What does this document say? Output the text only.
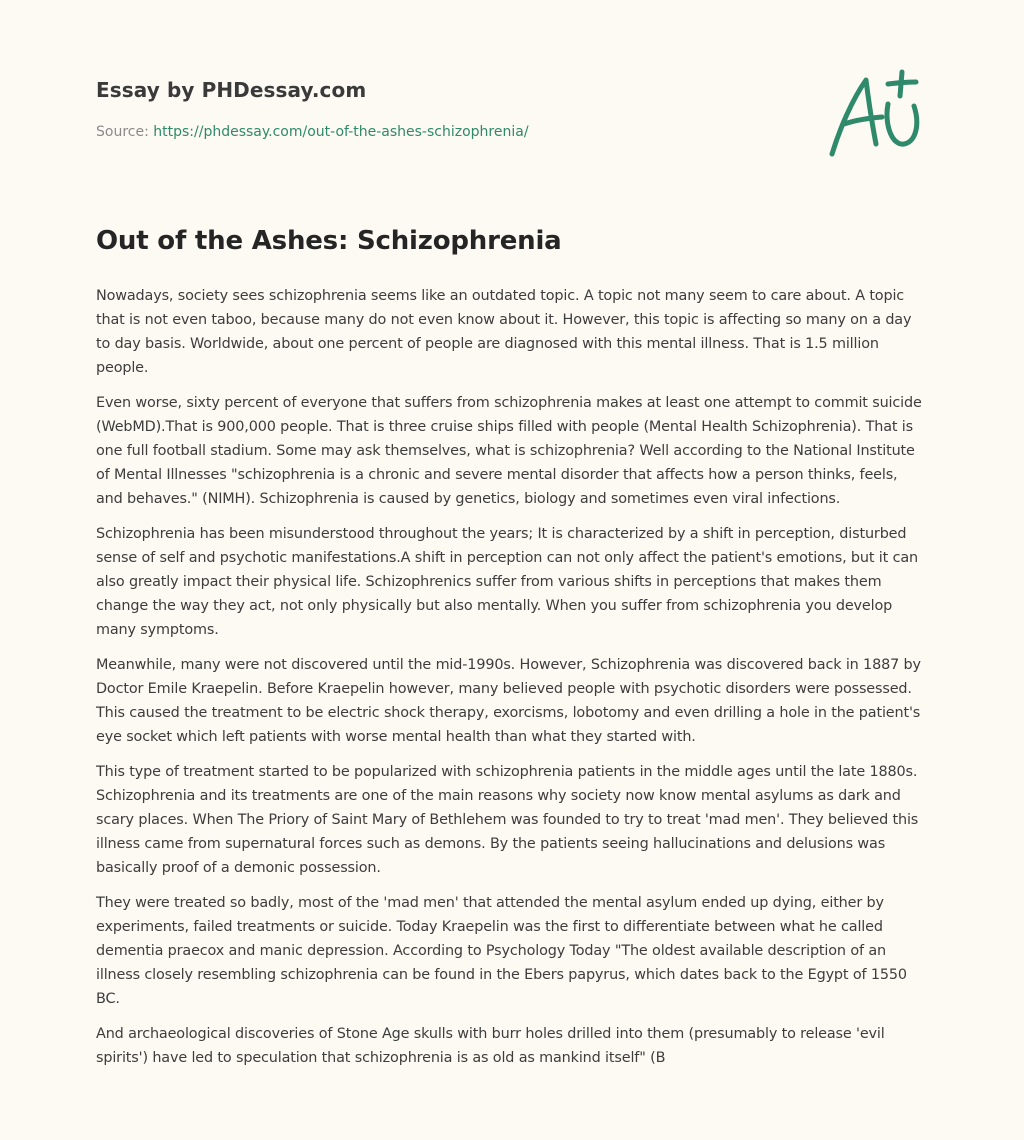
Essay by PHDessay.com
Source: https://phdessay.com/out-of-the-ashes-schizophrenia/
Out of the Ashes: Schizophrenia

Nowadays, society sees schizophrenia seems like an outdated topic. A topic not many seem to care about. A topic that is not even taboo, because many do not even know about it. However, this topic is affecting so many on a day to day basis. Worldwide, about one percent of people are diagnosed with this mental illness. That is 1.5 million people.

Even worse, sixty percent of everyone that suffers from schizophrenia makes at least one attempt to commit suicide (WebMD).That is 900,000 people. That is three cruise ships filled with people (Mental Health Schizophrenia). That is one full football stadium. Some may ask themselves, what is schizophrenia? Well according to the National Institute of Mental Illnesses "schizophrenia is a chronic and severe mental disorder that affects how a person thinks, feels, and behaves." (NIMH). Schizophrenia is caused by genetics, biology and sometimes even viral infections.

Schizophrenia has been misunderstood throughout the years; It is characterized by a shift in perception, disturbed sense of self and psychotic manifestations.A shift in perception can not only affect the patient's emotions, but it can also greatly impact their physical life. Schizophrenics suffer from various shifts in perceptions that makes them change the way they act, not only physically but also mentally. When you suffer from schizophrenia you develop many symptoms.

Meanwhile, many were not discovered until the mid-1990s. However, Schizophrenia was discovered back in 1887 by Doctor Emile Kraepelin. Before Kraepelin however, many believed people with psychotic disorders were possessed. This caused the treatment to be electric shock therapy, exorcisms, lobotomy and even drilling a hole in the patient's eye socket which left patients with worse mental health than what they started with.

This type of treatment started to be popularized with schizophrenia patients in the middle ages until the late 1880s. Schizophrenia and its treatments are one of the main reasons why society now know mental asylums as dark and scary places. When The Priory of Saint Mary of Bethlehem was founded to try to treat 'mad men'. They believed this illness came from supernatural forces such as demons. By the patients seeing hallucinations and delusions was basically proof of a demonic possession.

They were treated so badly, most of the 'mad men' that attended the mental asylum ended up dying, either by experiments, failed treatments or suicide. Today Kraepelin was the first to differentiate between what he called dementia praecox and manic depression. According to Psychology Today "The oldest available description of an illness closely resembling schizophrenia can be found in the Ebers papyrus, which dates back to the Egypt of 1550 BC.

And archaeological discoveries of Stone Age skulls with burr holes drilled into them (presumably to release 'evil spirits') have led to speculation that schizophrenia is as old as mankind itself" (B
